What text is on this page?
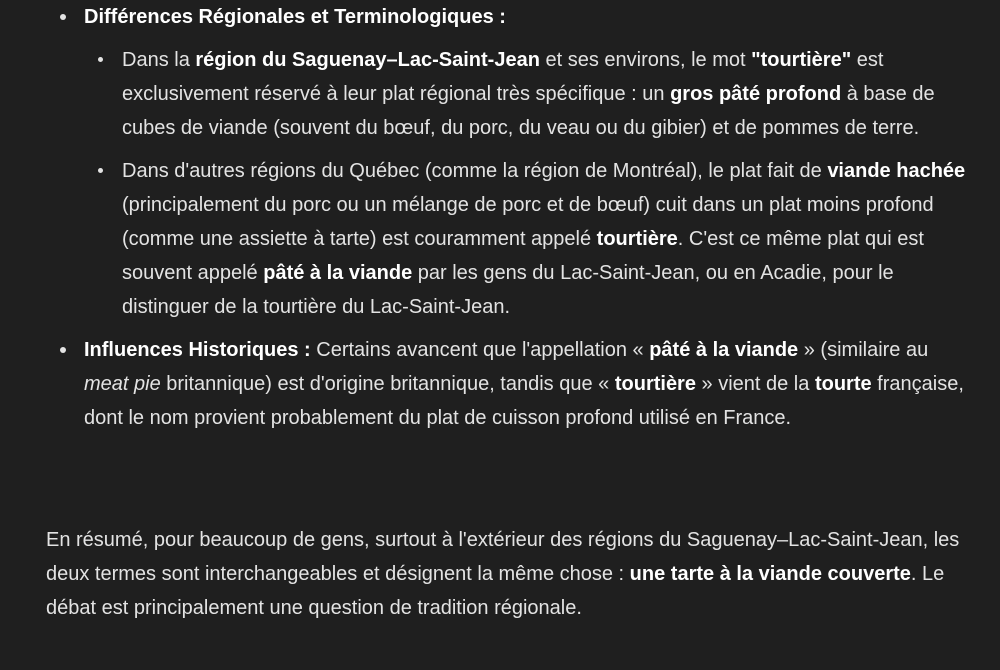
Différences Régionales et Terminologiques :
Dans la région du Saguenay–Lac-Saint-Jean et ses environs, le mot "tourtière" est exclusivement réservé à leur plat régional très spécifique : un gros pâté profond à base de cubes de viande (souvent du bœuf, du porc, du veau ou du gibier) et de pommes de terre.
Dans d'autres régions du Québec (comme la région de Montréal), le plat fait de viande hachée (principalement du porc ou un mélange de porc et de bœuf) cuit dans un plat moins profond (comme une assiette à tarte) est couramment appelé tourtière. C'est ce même plat qui est souvent appelé pâté à la viande par les gens du Lac-Saint-Jean, ou en Acadie, pour le distinguer de la tourtière du Lac-Saint-Jean.
Influences Historiques : Certains avancent que l'appellation « pâté à la viande » (similaire au meat pie britannique) est d'origine britannique, tandis que « tourtière » vient de la tourte française, dont le nom provient probablement du plat de cuisson profond utilisé en France.

En résumé, pour beaucoup de gens, surtout à l'extérieur des régions du Saguenay–Lac-Saint-Jean, les deux termes sont interchangeables et désignent la même chose : une tarte à la viande couverte. Le débat est principalement une question de tradition régionale.
